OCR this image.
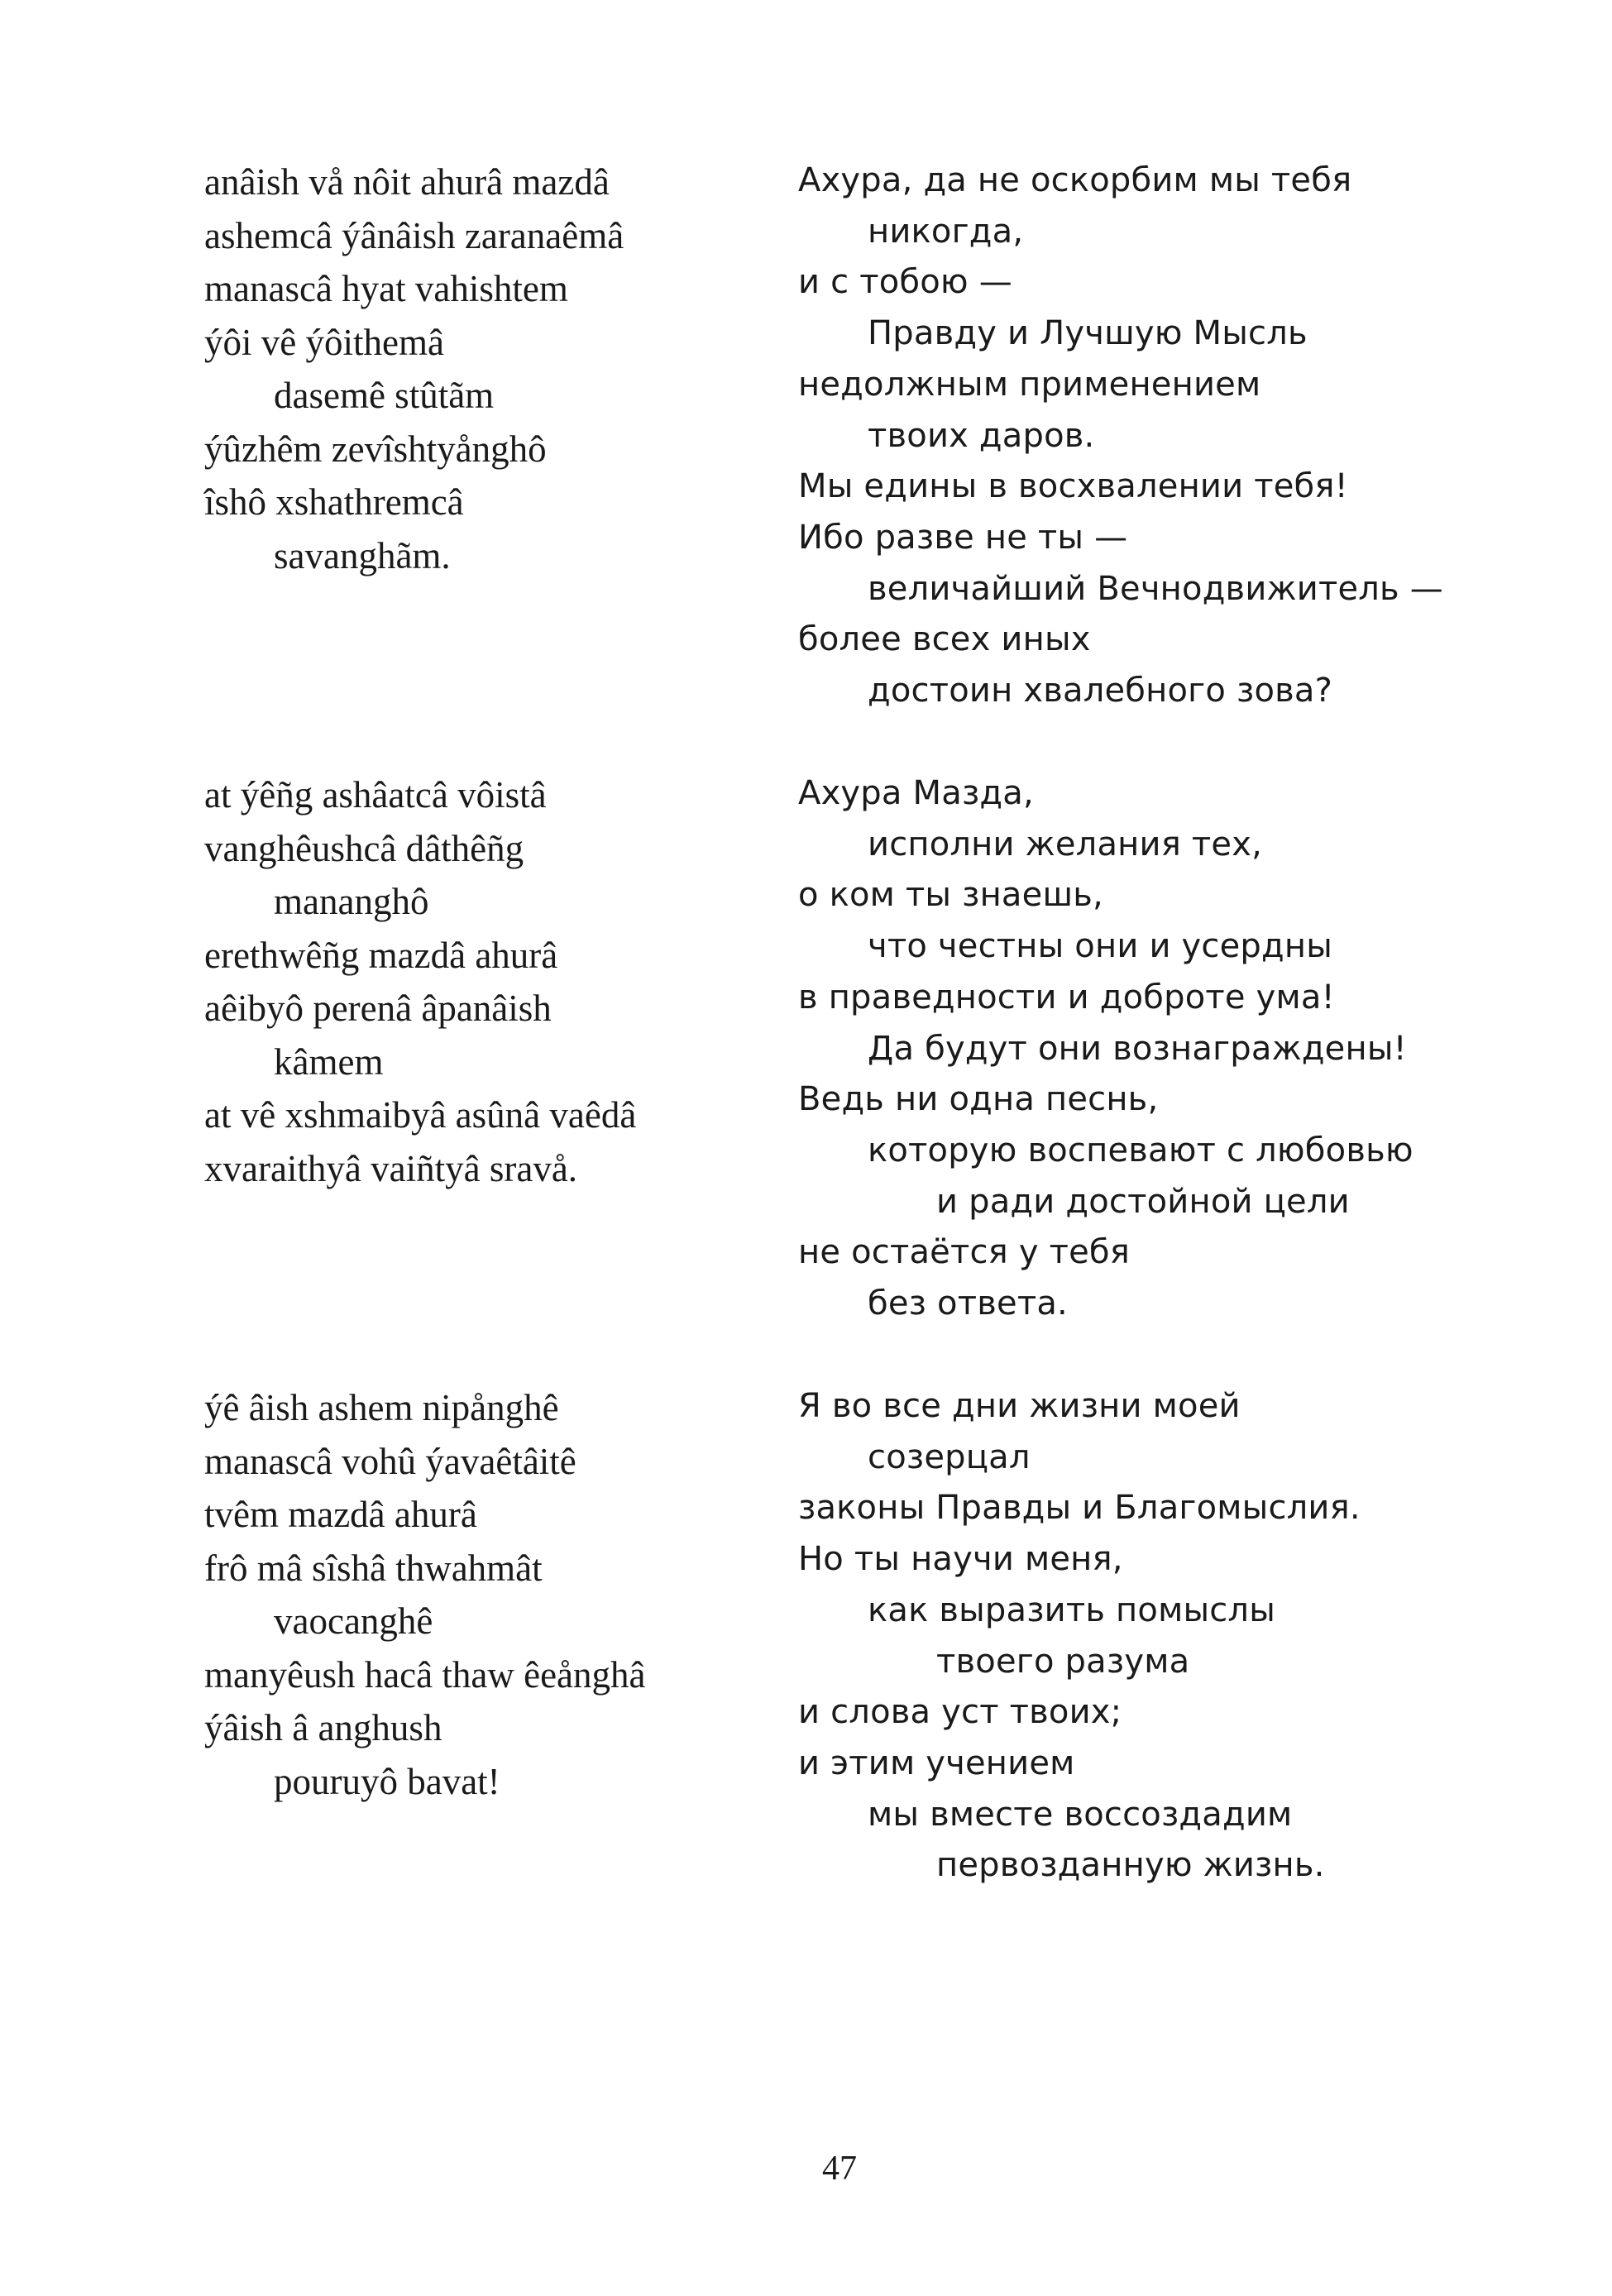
anâish vå nôit ahurâ mazdâ
ashemcâ ýânâish zaranaêmâ
manascâ hyat vahishtem
ýôi vê ýôithemâ
dasemê stûtãm
ýûzhêm zevîshtyånghô
îshô xshathremcâ
savanghãm.
Ахура, да не оскорбим мы тебя
никогда,
и с тобою —
Правду и Лучшую Мысль
недолжным применением
твоих даров.
Мы едины в восхвалении тебя!
Ибо разве не ты —
величайший Вечнодвижитель —
более всех иных
достоин хвалебного зова?
at ýêñg ashâatcâ vôistâ
vanghêushcâ dâthêñg
mananghô
erethwêñg mazdâ ahurâ
aêibyô perenâ âpanâish
kâmem
at vê xshmaibyâ asûnâ vaêdâ
xvaraithyâ vaiñtyâ sravå.
Ахура Мазда,
исполни желания тех,
о ком ты знаешь,
что честны они и усердны
в праведности и доброте ума!
Да будут они вознаграждены!
Ведь ни одна песнь,
которую воспевают с любовью
и ради достойной цели
не остаётся у тебя
без ответа.
ýê âish ashem nipånghê
manascâ vohû ýavaêtâitê
tvêm mazdâ ahurâ
frô mâ sîshâ thwahmât
vaocanghê
manyêush hacâ thaw êeånghâ
ýâish â anghush
pouruyô bavat!
Я во все дни жизни моей
созерцал
законы Правды и Благомыслия.
Но ты научи меня,
как выразить помыслы
твоего разума
и слова уст твоих;
и этим учением
мы вместе воссоздадим
первозданную жизнь.
47
